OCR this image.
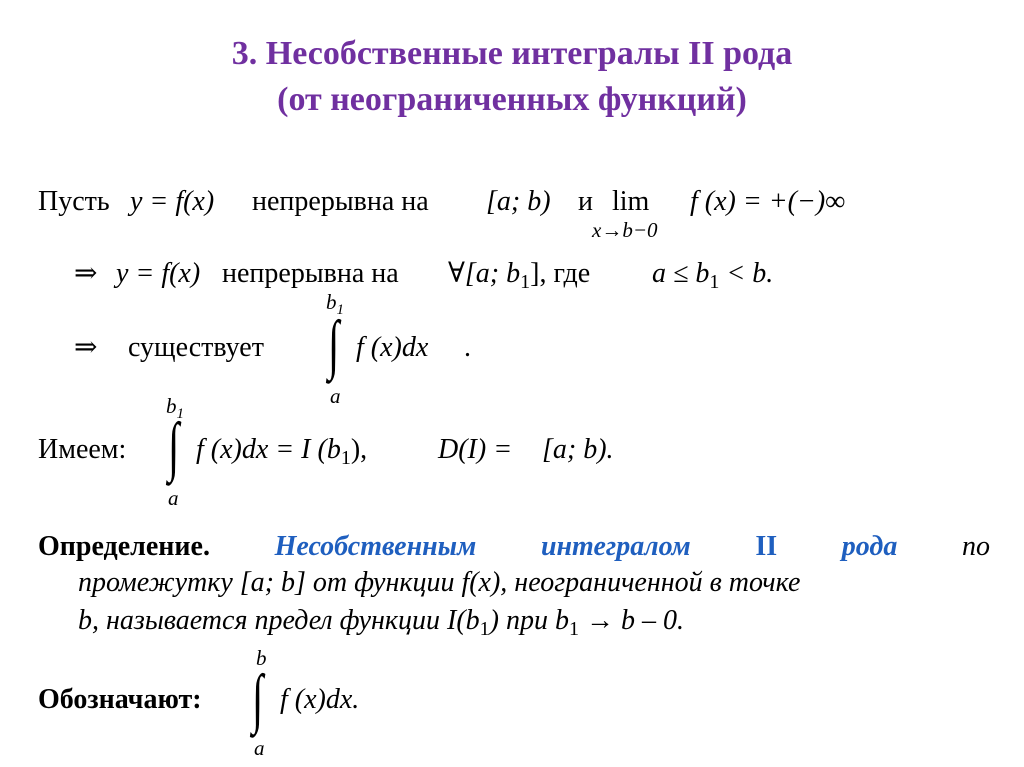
3. Несобственные интегралы II рода
(от неограниченных функций)
Пусть y = f(x) непрерывна на [a; b) и lim
x→b−0
f (x) = +(−)∞
⇒ y = f(x) непрерывна на ∀[a; $b_1$], где $a \le b_1 < b$.
⇒ существует
$b_1$
∫
a
f (x)dx .
Имеем:
$b_1$
∫
a
f (x)dx = I $(b_1)$,	D(I) = [a; b).
Определение. Несобственным интегралом II рода по
промежутку [a; b] от функции f(x), неограниченной в точке
b, называется предел функции $I(b_1)$ при $b_1 \to b - 0$.
Обозначают:
b
∫
a
f (x)dx.
